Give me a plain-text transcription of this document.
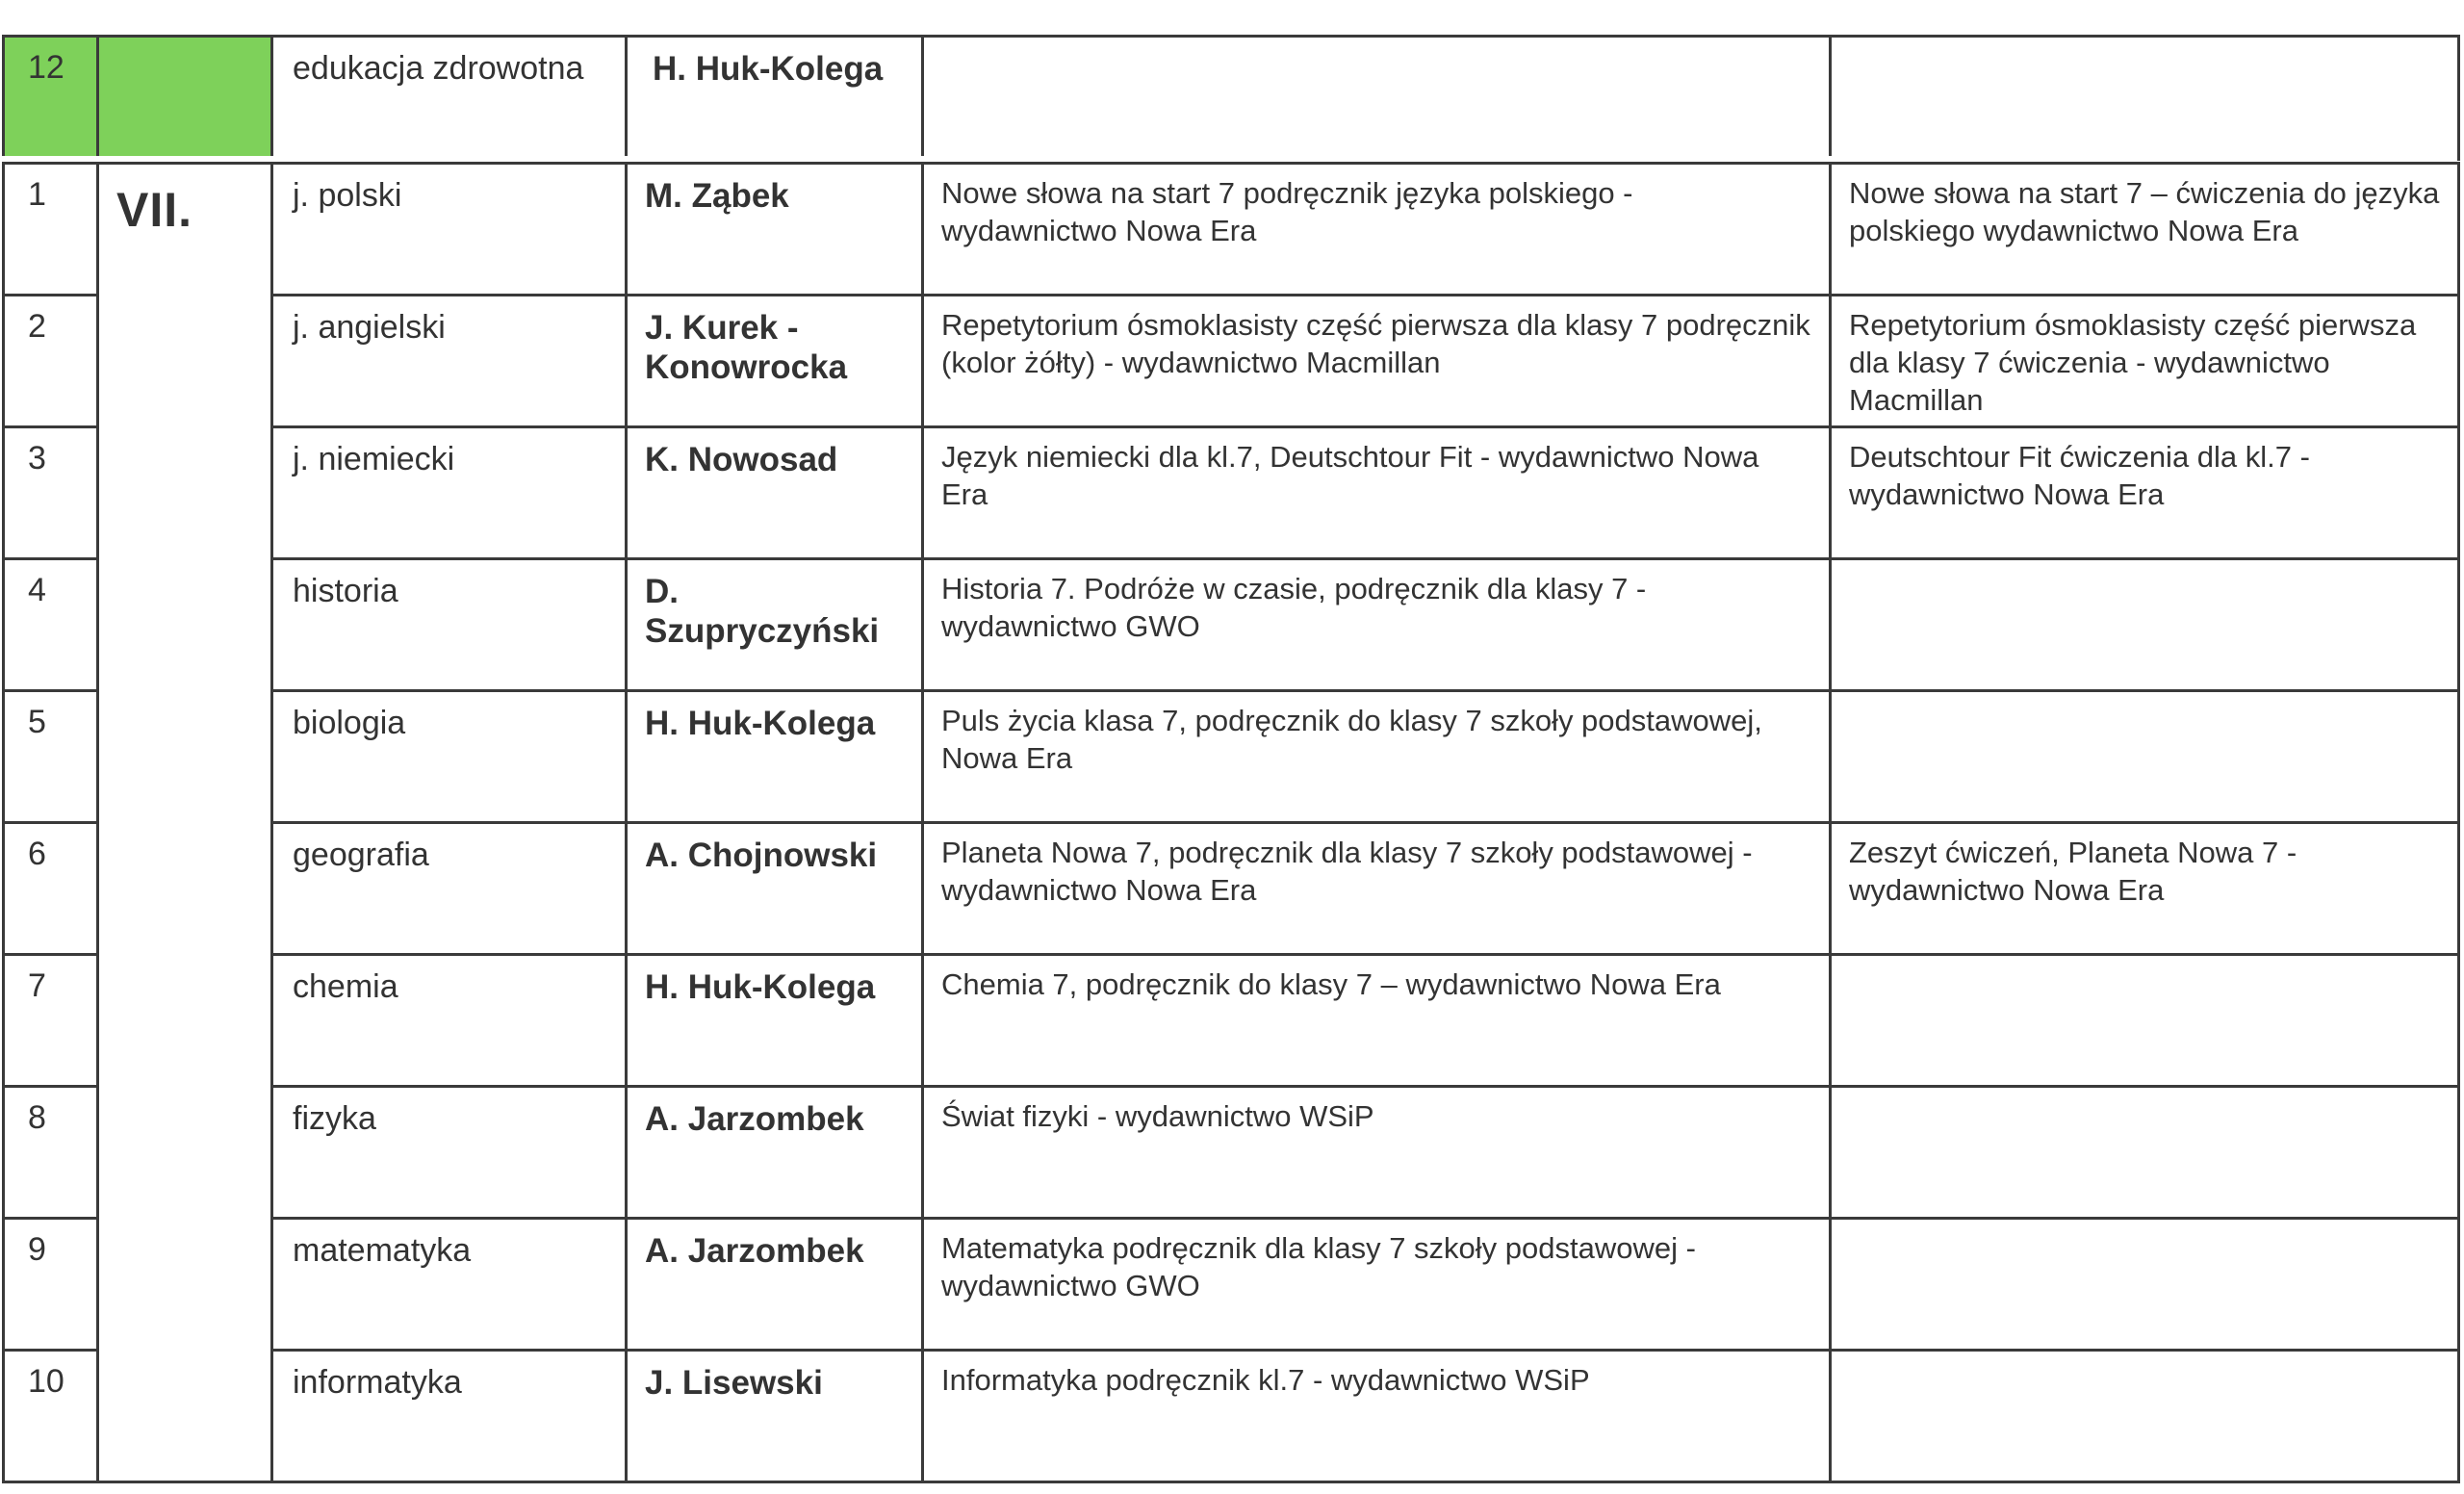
12		edukacja zdrowotna	H. Huk-Kolega		
1	VII.	j. polski	M. Ząbek	Nowe słowa na start 7 podręcznik języka polskiego - wydawnictwo Nowa Era	Nowe słowa na start 7 – ćwiczenia do języka polskiego wydawnictwo Nowa Era
2		j. angielski	J. Kurek - Konowrocka	Repetytorium ósmoklasisty część pierwsza dla klasy 7 podręcznik (kolor żółty) - wydawnictwo Macmillan	Repetytorium ósmoklasisty część pierwsza dla klasy 7 ćwiczenia - wydawnictwo Macmillan
3		j. niemiecki	K. Nowosad	Język niemiecki dla kl.7, Deutschtour Fit - wydawnictwo Nowa Era	Deutschtour Fit ćwiczenia dla kl.7 - wydawnictwo Nowa Era
4		historia	D. Szupryczyński	Historia 7. Podróże w czasie, podręcznik dla klasy 7 - wydawnictwo GWO	
5		biologia	H. Huk-Kolega	Puls życia klasa 7, podręcznik do klasy 7 szkoły podstawowej, Nowa Era	
6		geografia	A. Chojnowski	Planeta Nowa 7, podręcznik dla klasy 7 szkoły podstawowej - wydawnictwo Nowa Era	Zeszyt ćwiczeń, Planeta Nowa 7 - wydawnictwo Nowa Era
7		chemia	H. Huk-Kolega	Chemia 7, podręcznik do klasy 7 – wydawnictwo Nowa Era	
8		fizyka	A. Jarzombek	Świat fizyki - wydawnictwo WSiP	
9		matematyka	A. Jarzombek	Matematyka podręcznik dla klasy 7 szkoły podstawowej - wydawnictwo GWO	
10		informatyka	J. Lisewski	Informatyka podręcznik kl.7 - wydawnictwo WSiP	
